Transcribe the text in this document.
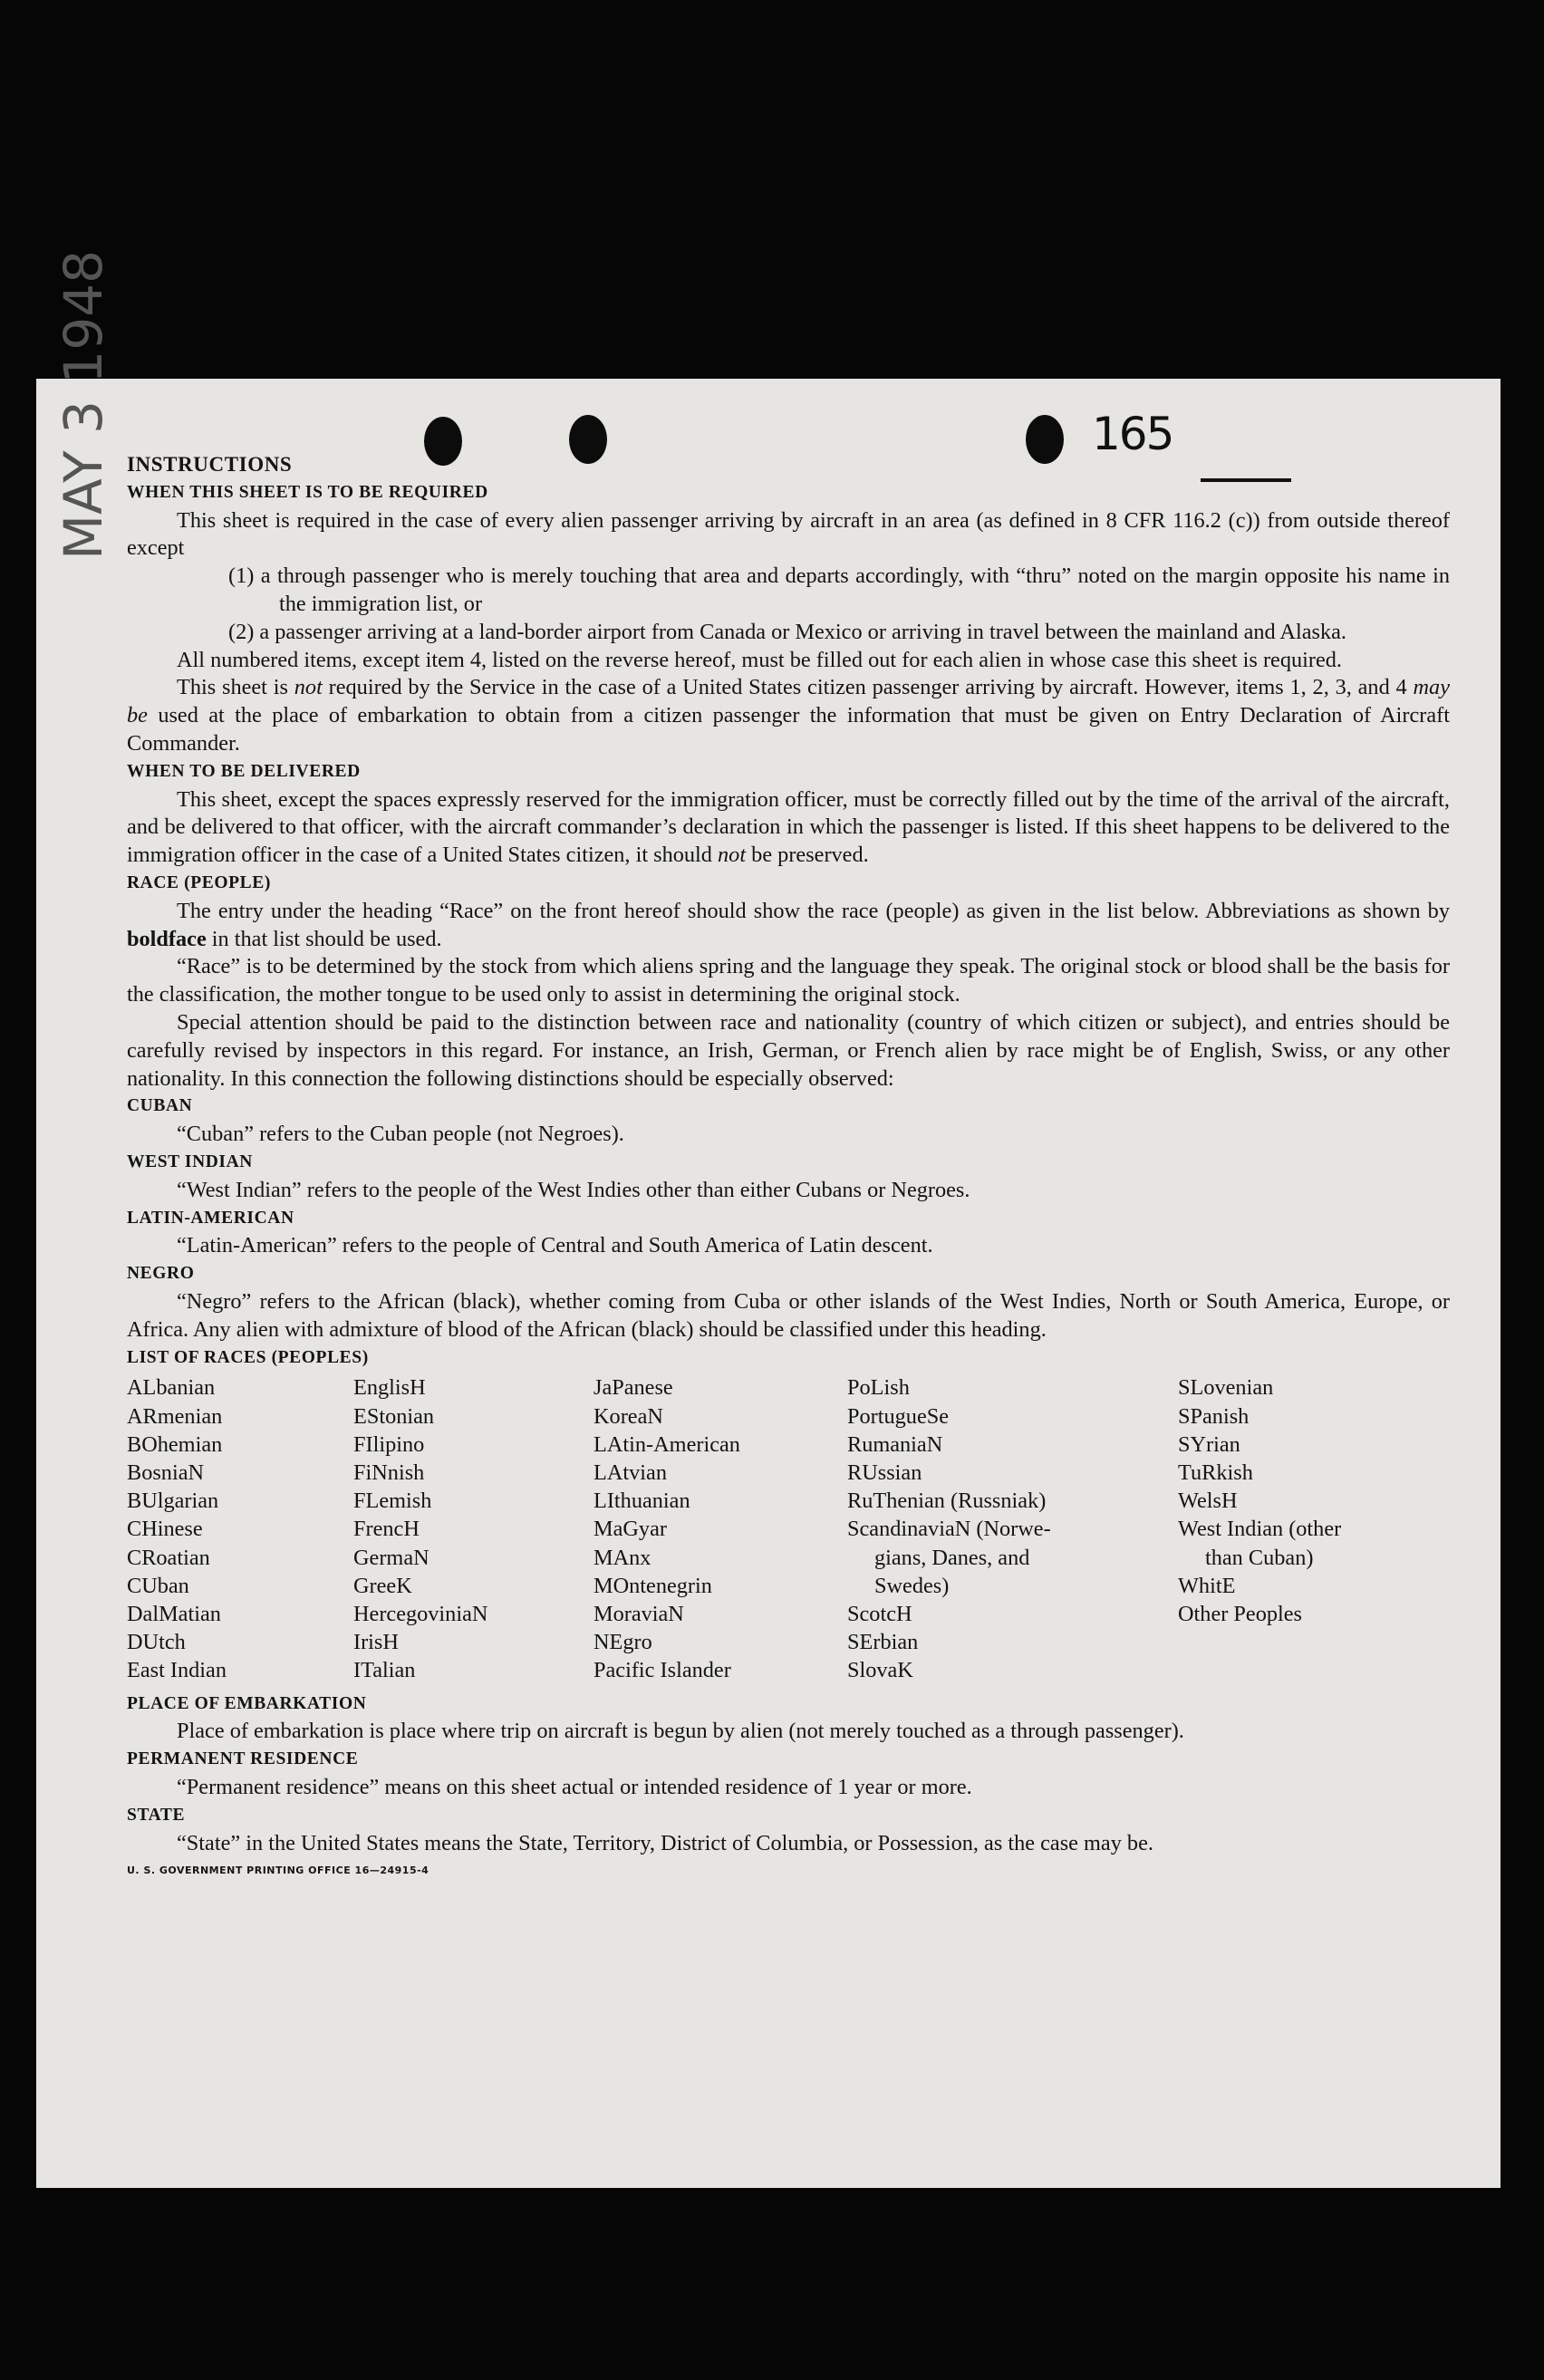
165
MAY 3 1948 INSTRUCTIONS

WHEN THIS SHEET IS TO BE REQUIRED

This sheet is required in the case of every alien passenger arriving by aircraft in an area (as defined in 8 CFR 116.2 (c)) from outside thereof except

(1) a through passenger who is merely touching that area and departs accordingly, with “thru” noted on the margin opposite his name in the immigration list, or

(2) a passenger arriving at a land-border airport from Canada or Mexico or arriving in travel between the mainland and Alaska.

All numbered items, except item 4, listed on the reverse hereof, must be filled out for each alien in whose case this sheet is required.

This sheet is not required by the Service in the case of a United States citizen passenger arriving by aircraft. However, items 1, 2, 3, and 4 may be used at the place of embarkation to obtain from a citizen passenger the information that must be given on Entry Declaration of Aircraft Commander.

WHEN TO BE DELIVERED

This sheet, except the spaces expressly reserved for the immigration officer, must be correctly filled out by the time of the arrival of the aircraft, and be delivered to that officer, with the aircraft commander’s declaration in which the passenger is listed. If this sheet happens to be delivered to the immigration officer in the case of a United States citizen, it should not be preserved.

RACE (PEOPLE)

The entry under the heading “Race” on the front hereof should show the race (people) as given in the list below. Abbreviations as shown by boldface in that list should be used.

“Race” is to be determined by the stock from which aliens spring and the language they speak. The original stock or blood shall be the basis for the classification, the mother tongue to be used only to assist in determining the original stock.

Special attention should be paid to the distinction between race and nationality (country of which citizen or subject), and entries should be carefully revised by inspectors in this regard. For instance, an Irish, German, or French alien by race might be of English, Swiss, or any other nationality. In this connection the following distinctions should be especially observed:

CUBAN

“Cuban” refers to the Cuban people (not Negroes).

WEST INDIAN

“West Indian” refers to the people of the West Indies other than either Cubans or Negroes.

LATIN-AMERICAN

“Latin-American” refers to the people of Central and South America of Latin descent.

NEGRO

“Negro” refers to the African (black), whether coming from Cuba or other islands of the West Indies, North or South America, Europe, or Africa. Any alien with admixture of blood of the African (black) should be classified under this heading.

LIST OF RACES (PEOPLES)

ALbanian
ARmenian
BOhemian
BosniaN
BUlgarian
CHinese
CRoatian
CUban
DalMatian
DUtch
East Indian
EnglisH
EStonian
FIlipino
FiNnish
FLemish
FrencH
GermaN
GreeK
HercegoviniaN
IrisH
ITalian
JaPanese
KoreaN
LAtin-American
LAtvian
LIthuanian
MaGyar
MAnx
MOntenegrin
MoraviaN
NEgro
Pacific Islander
PoLish
PortugueSe
RumaniaN
RUssian
RuThenian (Russniak)
ScandinaviaN (Norwe-
gians, Danes, and
Swedes)
ScotcH
SErbian
SlovaK
SLovenian
SPanish
SYrian
TuRkish
WelsH
West Indian (other
than Cuban)
WhitE
Other Peoples

PLACE OF EMBARKATION

Place of embarkation is place where trip on aircraft is begun by alien (not merely touched as a through passenger).

PERMANENT RESIDENCE

“Permanent residence” means on this sheet actual or intended residence of 1 year or more.

STATE

“State” in the United States means the State, Territory, District of Columbia, or Possession, as the case may be.

U. S. GOVERNMENT PRINTING OFFICE 16—24915-4
